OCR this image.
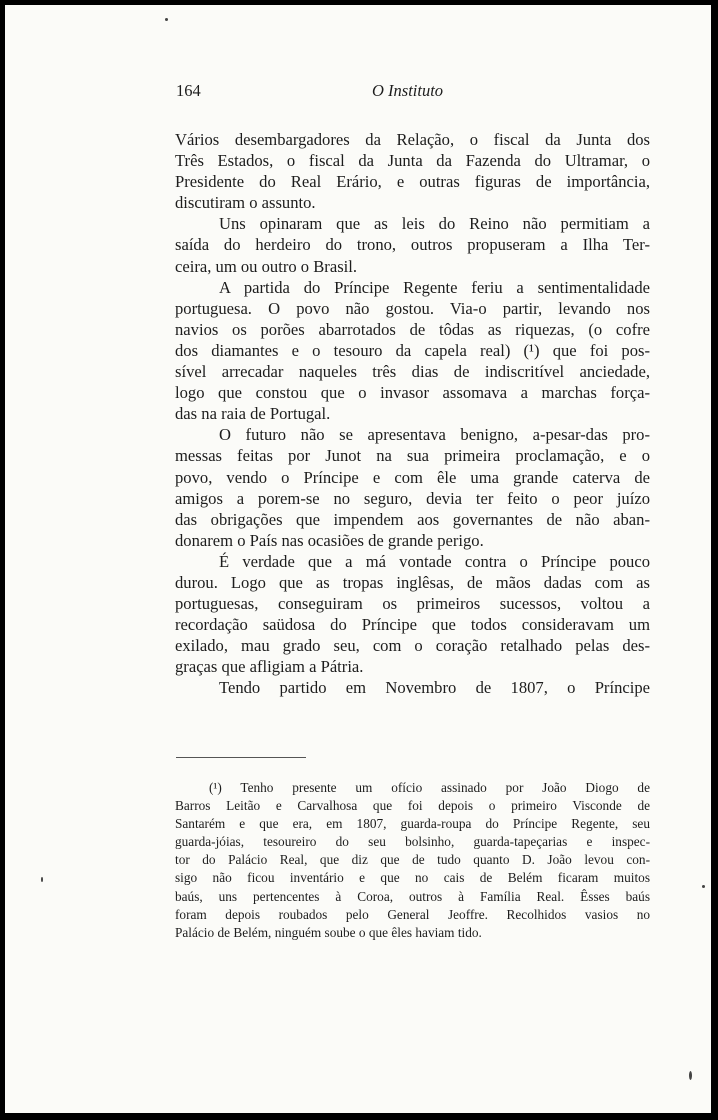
164	O Instituto
Vários desembargadores da Relação, o fiscal da Junta dos
Três Estados, o fiscal da Junta da Fazenda do Ultramar, o
Presidente do Real Erário, e outras figuras de importância,
discutiram o assunto.
Uns opinaram que as leis do Reino não permitiam a
saída do herdeiro do trono, outros propuseram a Ilha Ter-
ceira, um ou outro o Brasil.
A partida do Príncipe Regente feriu a sentimentalidade
portuguesa. O povo não gostou. Via-o partir, levando nos
navios os porões abarrotados de tôdas as riquezas, (o cofre
dos diamantes e o tesouro da capela real) (¹) que foi pos-
sível arrecadar naqueles três dias de indiscritível anciedade,
logo que constou que o invasor assomava a marchas força-
das na raia de Portugal.
O futuro não se apresentava benigno, a-pesar-das pro-
messas feitas por Junot na sua primeira proclamação, e o
povo, vendo o Príncipe e com êle uma grande caterva de
amigos a porem-se no seguro, devia ter feito o peor juízo
das obrigações que impendem aos governantes de não aban-
donarem o País nas ocasiões de grande perigo.
É verdade que a má vontade contra o Príncipe pouco
durou. Logo que as tropas inglêsas, de mãos dadas com as
portuguesas, conseguiram os primeiros sucessos, voltou a
recordação saüdosa do Príncipe que todos consideravam um
exilado, mau grado seu, com o coração retalhado pelas des-
graças que afligiam a Pátria.
Tendo partido em Novembro de 1807, o Príncipe
(¹) Tenho presente um ofício assinado por João Diogo de
Barros Leitão e Carvalhosa que foi depois o primeiro Visconde de
Santarém e que era, em 1807, guarda-roupa do Príncipe Regente, seu
guarda-jóias, tesoureiro do seu bolsinho, guarda-tapeçarias e inspec-
tor do Palácio Real, que diz que de tudo quanto D. João levou con-
sigo não ficou inventário e que no cais de Belém ficaram muitos
baús, uns pertencentes à Coroa, outros à Família Real. Êsses baús
foram depois roubados pelo General Jeoffre. Recolhidos vasios no
Palácio de Belém, ninguém soube o que êles haviam tido.
